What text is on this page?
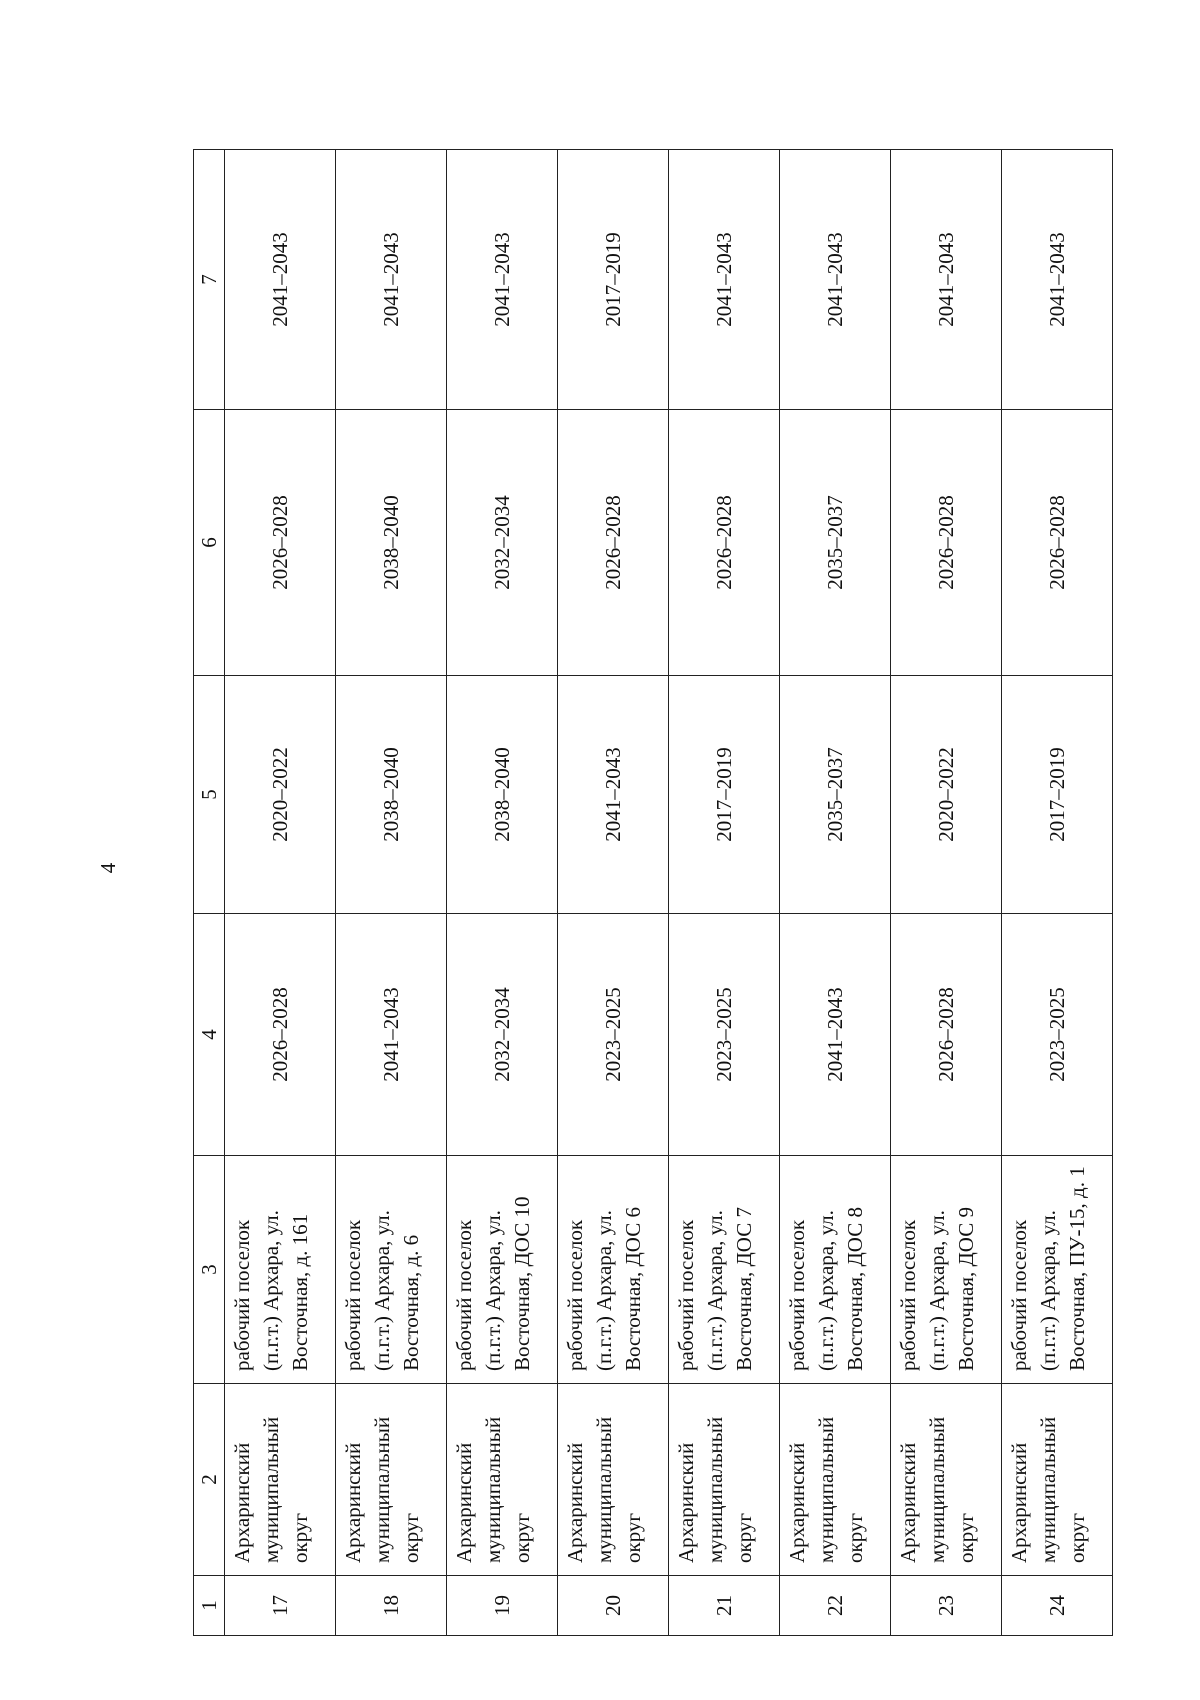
4
1	2	3	4	5	6	7
17	Архаринский муниципальный округ	рабочий поселок (п.г.т.) Архара, ул. Восточная, д. 161	2026–2028	2020–2022	2026–2028	2041–2043
18	Архаринский муниципальный округ	рабочий поселок (п.г.т.) Архара, ул. Восточная, д. 6	2041–2043	2038–2040	2038–2040	2041–2043
19	Архаринский муниципальный округ	рабочий поселок (п.г.т.) Архара, ул. Восточная, ДОС 10	2032–2034	2038–2040	2032–2034	2041–2043
20	Архаринский муниципальный округ	рабочий поселок (п.г.т.) Архара, ул. Восточная, ДОС 6	2023–2025	2041–2043	2026–2028	2017–2019
21	Архаринский муниципальный округ	рабочий поселок (п.г.т.) Архара, ул. Восточная, ДОС 7	2023–2025	2017–2019	2026–2028	2041–2043
22	Архаринский муниципальный округ	рабочий поселок (п.г.т.) Архара, ул. Восточная, ДОС 8	2041–2043	2035–2037	2035–2037	2041–2043
23	Архаринский муниципальный округ	рабочий поселок (п.г.т.) Архара, ул. Восточная, ДОС 9	2026–2028	2020–2022	2026–2028	2041–2043
24	Архаринский муниципальный округ	рабочий поселок (п.г.т.) Архара, ул. Восточная, ПУ-15, д. 1	2023–2025	2017–2019	2026–2028	2041–2043
